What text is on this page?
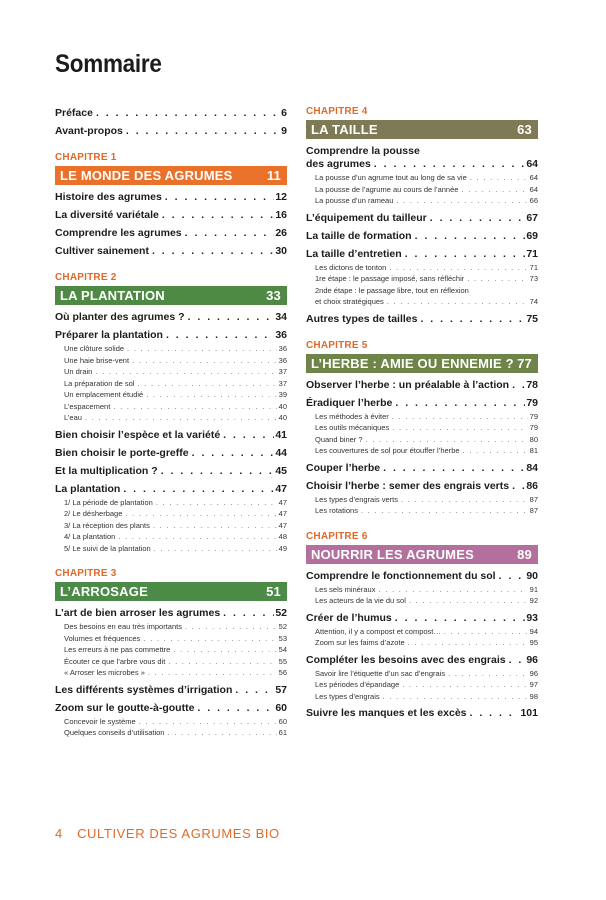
Sommaire
Préface . . .	6
Avant-propos . . .	9
CHAPITRE 1
LE MONDE DES AGRUMES	11
Histoire des agrumes . . .	12
La diversité variétale . . .	16
Comprendre les agrumes . . .	26
Cultiver sainement . . .	30
CHAPITRE 2
LA PLANTATION	33
Où planter des agrumes ? . . .	34
Préparer la plantation . . .	36
Une clôture solide . . .	36
Une haie brise-vent . . .	36
Un drain . . .	37
La préparation de sol . . .	37
Un emplacement étudié . . .	39
L’espacement . . .	40
L’eau . . .	40
Bien choisir l’espèce et la variété . . .	41
Bien choisir le porte-greffe . . .	44
Et la multiplication ? . . .	45
La plantation . . .	47
1/ La période de plantation . . .	47
2/ Le désherbage . . .	47
3/ La réception des plants . . .	47
4/ La plantation . . .	48
5/ Le suivi de la plantation . . .	49
CHAPITRE 3
L’ARROSAGE	51
L’art de bien arroser les agrumes . . .	52
Des besoins en eau très importants . . .	52
Volumes et fréquences . . .	53
Les erreurs à ne pas commettre . . .	54
Écouter ce que l’arbre vous dit . . .	55
« Arroser les microbes » . . .	56
Les différents systèmes d’irrigation . . .	57
Zoom sur le goutte-à-goutte . . .	60
Concevoir le système . . .	60
Quelques conseils d’utilisation . . .	61
CHAPITRE 4
LA TAILLE	63
Comprendre la pousse
des agrumes . . .	64
La pousse d’un agrume tout au long de sa vie . . .	64
La pousse de l’agrume au cours de l’année . . .	64
La pousse d’un rameau . . .	66
L’équipement du tailleur . . .	67
La taille de formation . . .	69
La taille d’entretien . . .	71
Les dictons de tonton . . .	71
1re étape : le passage imposé, sans réfléchir . . .	73
2nde étape : le passage libre, tout en réflexion
et choix stratégiques . . .	74
Autres types de tailles . . .	75
CHAPITRE 5
L’HERBE : AMIE OU ENNEMIE ? 77
Observer l’herbe : un préalable à l’action . . . 78
Éradiquer l’herbe . . .	79
Les méthodes à éviter . . .	79
Les outils mécaniques . . .	79
Quand biner ? . . .	80
Les couvertures de sol pour étouffer l’herbe . . .	81
Couper l’herbe . . .	84
Choisir l’herbe : semer des engrais verts . . . 86
Les types d’engrais verts . . .	87
Les rotations . . .	87
CHAPITRE 6
NOURRIR LES AGRUMES	89
Comprendre le fonctionnement du sol . . .	90
Les sels minéraux . . .	91
Les acteurs de la vie du sol . . .	92
Créer de l’humus . . .	93
Attention, il y a compost et compost… . . .	94
Zoom sur les faims d’azote . . .	95
Compléter les besoins avec des engrais . . . 96
Savoir lire l’étiquette d’un sac d’engrais . . .	96
Les périodes d’épandage . . .	97
Les types d’engrais . . .	98
Suivre les manques et les excès . . .	101
4 CULTIVER DES AGRUMES BIO
